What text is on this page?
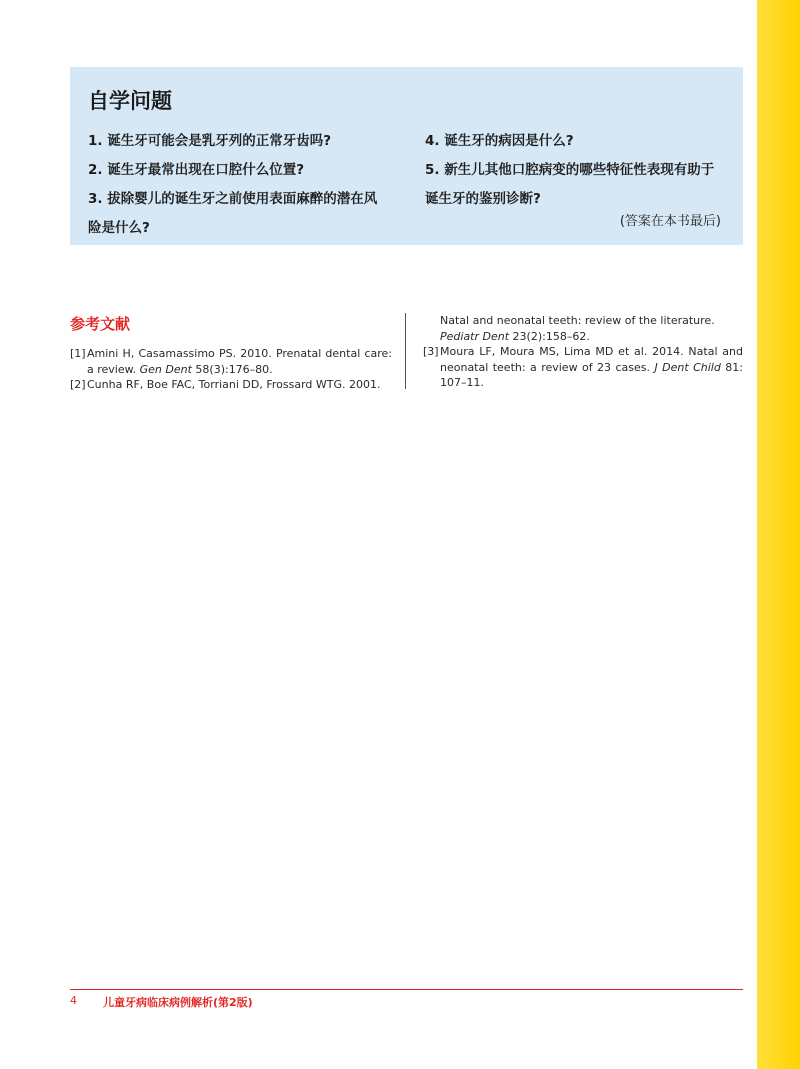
自学问题
1. 诞生牙可能会是乳牙列的正常牙齿吗?
2. 诞生牙最常出现在口腔什么位置?
3. 拔除婴儿的诞生牙之前使用表面麻醉的潜在风
险是什么?
4. 诞生牙的病因是什么?
5. 新生儿其他口腔病变的哪些特征性表现有助于
诞生牙的鉴别诊断?
(答案在本书最后)
参考文献
[1] Amini H, Casamassimo PS. 2010. Prenatal dental care: a review. Gen Dent 58(3):176–80.
[2] Cunha RF, Boe FAC, Torriani DD, Frossard WTG. 2001.
Natal and neonatal teeth: review of the literature. Pediatr Dent 23(2):158–62.
[3] Moura LF, Moura MS, Lima MD et al. 2014. Natal and neonatal teeth: a review of 23 cases. J Dent Child 81: 107–11.
4 儿童牙病临床病例解析(第2版)
